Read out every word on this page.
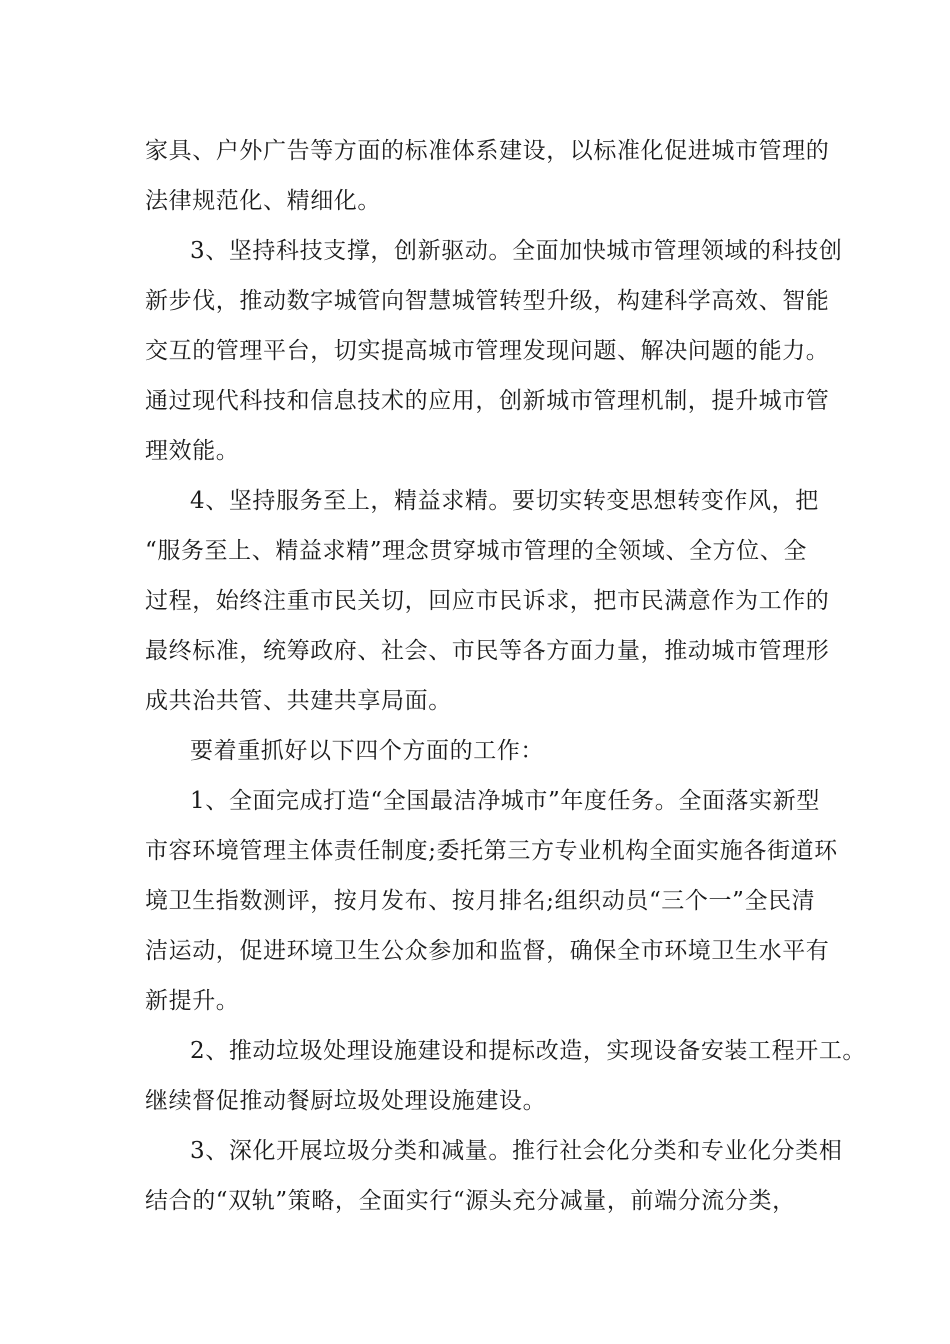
家具、户外广告等方面的标准体系建设，以标准化促进城市管理的
法律规范化、精细化。
3、坚持科技支撑，创新驱动。全面加快城市管理领域的科技创
新步伐，推动数字城管向智慧城管转型升级，构建科学高效、智能
交互的管理平台，切实提高城市管理发现问题、解决问题的能力。
通过现代科技和信息技术的应用，创新城市管理机制，提升城市管
理效能。
4、坚持服务至上，精益求精。要切实转变思想转变作风，把
“服务至上、精益求精”理念贯穿城市管理的全领域、全方位、全
过程，始终注重市民关切，回应市民诉求，把市民满意作为工作的
最终标准，统筹政府、社会、市民等各方面力量，推动城市管理形
成共治共管、共建共享局面。
要着重抓好以下四个方面的工作：
1、全面完成打造“全国最洁净城市”年度任务。全面落实新型
市容环境管理主体责任制度;委托第三方专业机构全面实施各街道环
境卫生指数测评，按月发布、按月排名;组织动员“三个一”全民清
洁运动，促进环境卫生公众参加和监督，确保全市环境卫生水平有
新提升。
2、推动垃圾处理设施建设和提标改造，实现设备安装工程开工。
继续督促推动餐厨垃圾处理设施建设。
3、深化开展垃圾分类和减量。推行社会化分类和专业化分类相
结合的“双轨”策略，全面实行“源头充分减量，前端分流分类，
